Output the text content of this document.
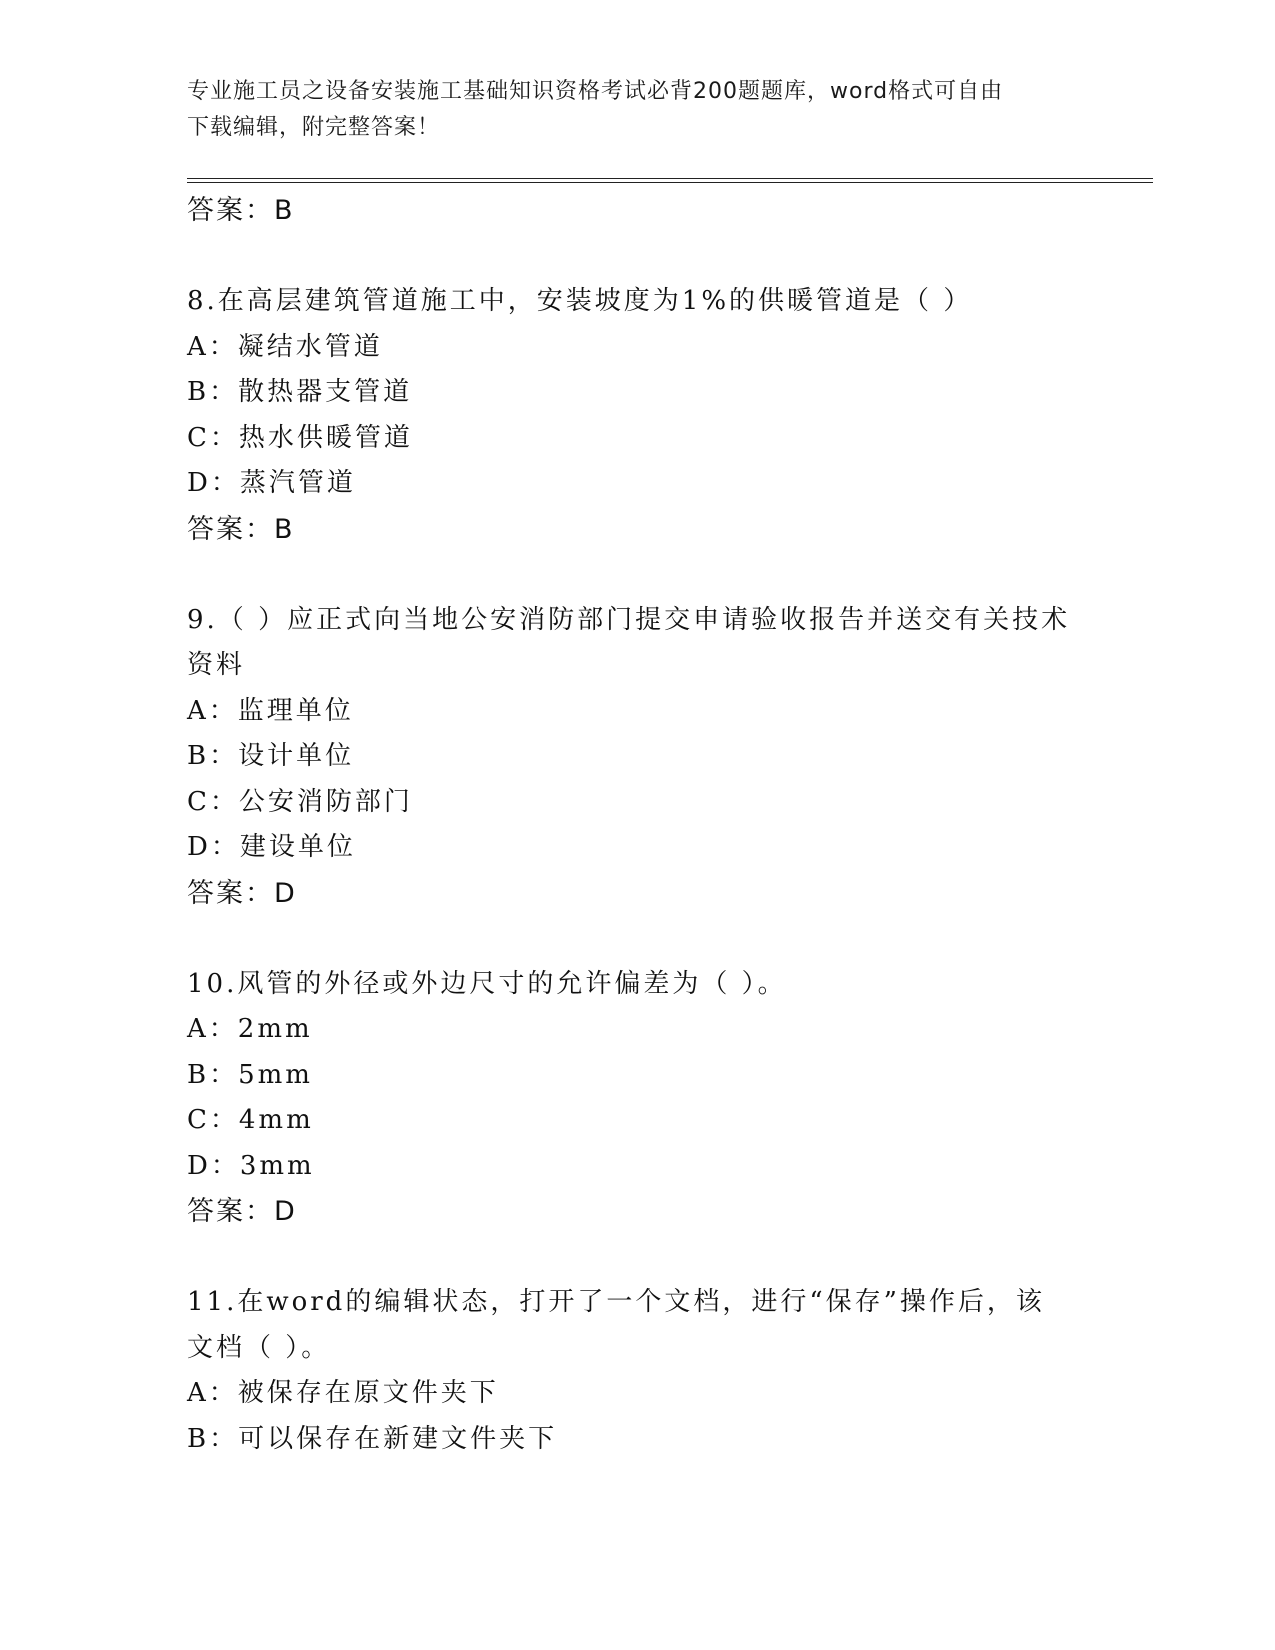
专业施工员之设备安装施工基础知识资格考试必背200题题库，word格式可自由
下载编辑，附完整答案！
答案：B
8.在高层建筑管道施工中，安装坡度为1%的供暖管道是（ ）
A：凝结水管道
B：散热器支管道
C：热水供暖管道
D：蒸汽管道
答案：B
9.（ ）应正式向当地公安消防部门提交申请验收报告并送交有关技术
资料
A：监理单位
B：设计单位
C：公安消防部门
D：建设单位
答案：D
10.风管的外径或外边尺寸的允许偏差为（ ）。
A：2mm
B：5mm
C：4mm
D：3mm
答案：D
11.在word的编辑状态，打开了一个文档，进行“保存”操作后，该
文档（ ）。
A：被保存在原文件夹下
B：可以保存在新建文件夹下
